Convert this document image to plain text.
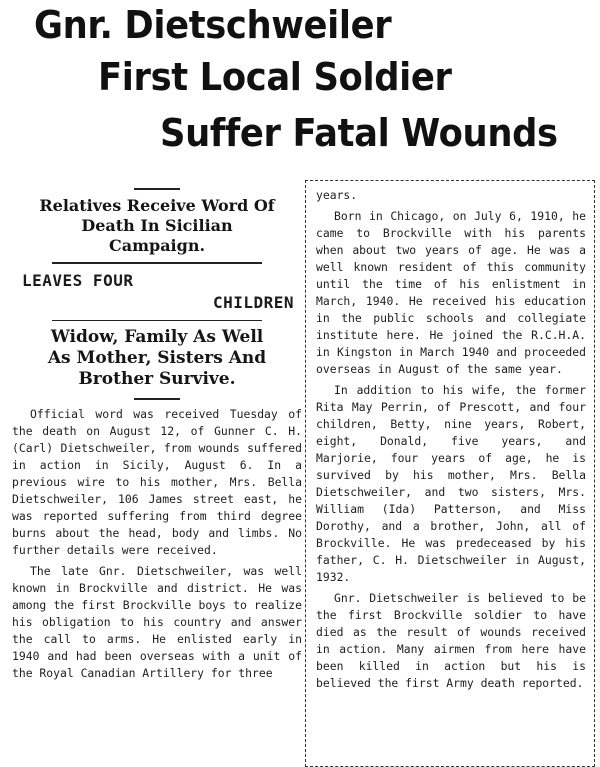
Gnr. Dietschweiler
First Local Soldier
Suffer Fatal Wounds
Relatives Receive Word Of
Death In Sicilian
Campaign.
LEAVES FOUR
CHILDREN
Widow, Family As Well
As Mother, Sisters And
Brother Survive.

Official word was received Tuesday of the death on August 12, of Gunner C. H. (Carl) Dietschweiler, from wounds suffered in action in Sicily, August 6. In a previous wire to his mother, Mrs. Bella Dietschweiler, 106 James street east, he was reported suffering from third degree burns about the head, body and limbs. No further details were received.

The late Gnr. Dietschweiler, was well known in Brockville and district. He was among the first Brockville boys to realize his obligation to his country and answer the call to arms. He enlisted early in 1940 and had been overseas with a unit of the Royal Canadian Artillery for three

years.

Born in Chicago, on July 6, 1910, he came to Brockville with his parents when about two years of age. He was a well known resident of this community until the time of his enlistment in March, 1940. He received his education in the public schools and collegiate institute here. He joined the R.C.H.A. in Kingston in March 1940 and proceeded overseas in August of the same year.

In addition to his wife, the former Rita May Perrin, of Prescott, and four children, Betty, nine years, Robert, eight, Donald, five years, and Marjorie, four years of age, he is survived by his mother, Mrs. Bella Dietschweiler, and two sisters, Mrs. William (Ida) Patterson, and Miss Dorothy, and a brother, John, all of Brockville. He was predeceased by his father, C. H. Dietschweiler in August, 1932.

Gnr. Dietschweiler is believed to be the first Brockville soldier to have died as the result of wounds received in action. Many airmen from here have been killed in action but his is believed the first Army death reported.
